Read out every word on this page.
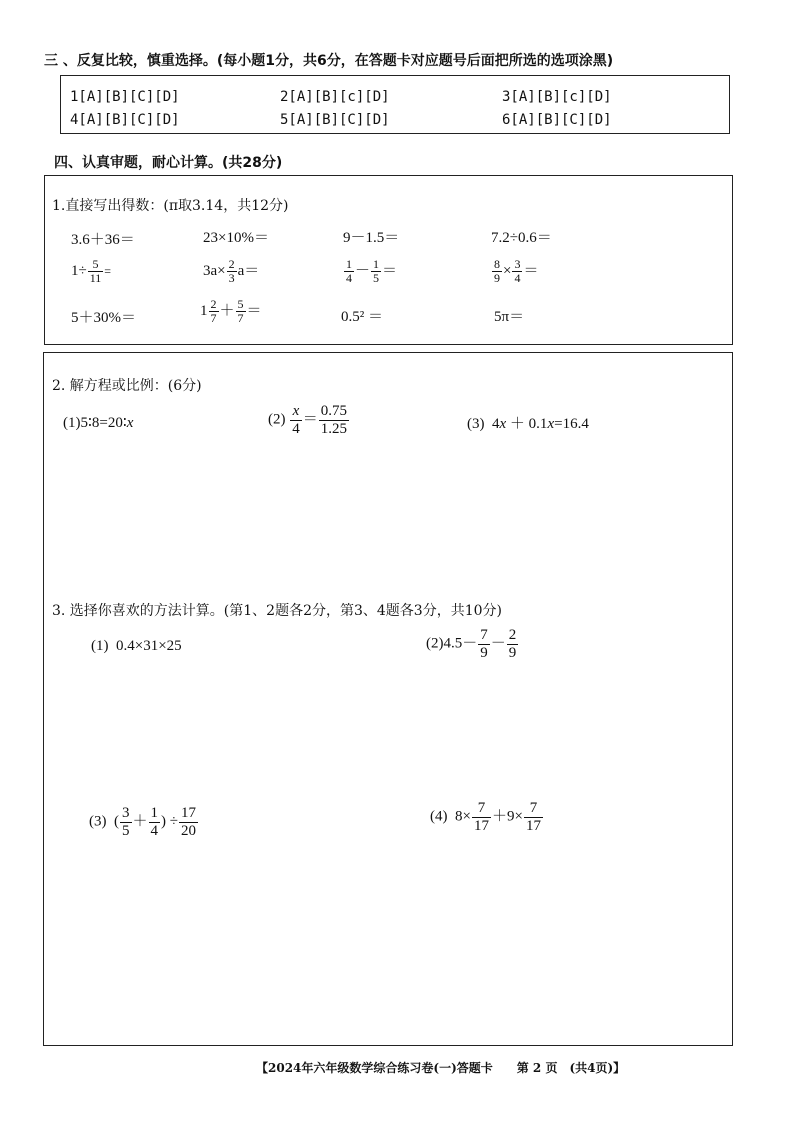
三 、反复比较，慎重选择。(每小题1分，共6分，在答题卡对应题号后面把所选的选项涂黑)
1[A][B][C][D]	2[A][B][c][D]	3[A][B][c][D]
4[A][B][C][D]	5[A][B][C][D]	6[A][B][C][D]
四、认真审题，耐心计算。(共28分)
1.直接写出得数：(π取3.14，共12分)
3.6＋36＝	23×10%＝	9－1.5＝	7.2÷0.6＝
$1\div \frac{5}{11}$ =	$3a\times \frac{2}{3} a=$	$\frac{1}{4} - \frac{1}{5}$ ＝	$\frac{8}{9} \times \frac{3}{4}$ ＝
5＋30%＝	$1 \frac{2}{7} + \frac{5}{7}$ ＝	0.5² ＝	5π＝
2. 解方程或比例：(6分)
(1)5∶8=20∶x	$(2) \frac{x}{4} = \frac{0.75}{1.25}$	(3) 4x ＋ 0.1x=16.4
3. 选择你喜欢的方法计算。(第1、2题各2分，第3、4题各3分，共10分)
(1) 0.4×31×25	$(2)4.5- \frac{7}{9} - \frac{2}{9}$
(3) ( $\frac{3}{5} + \frac{1}{4}$ ) ÷ $\frac{17}{20}$	(4) $8\times \frac{7}{17} +9\times \frac{7}{17}$
【2024年六年级数学综合练习卷(一)答题卡　　第 2 页　(共4页)】
